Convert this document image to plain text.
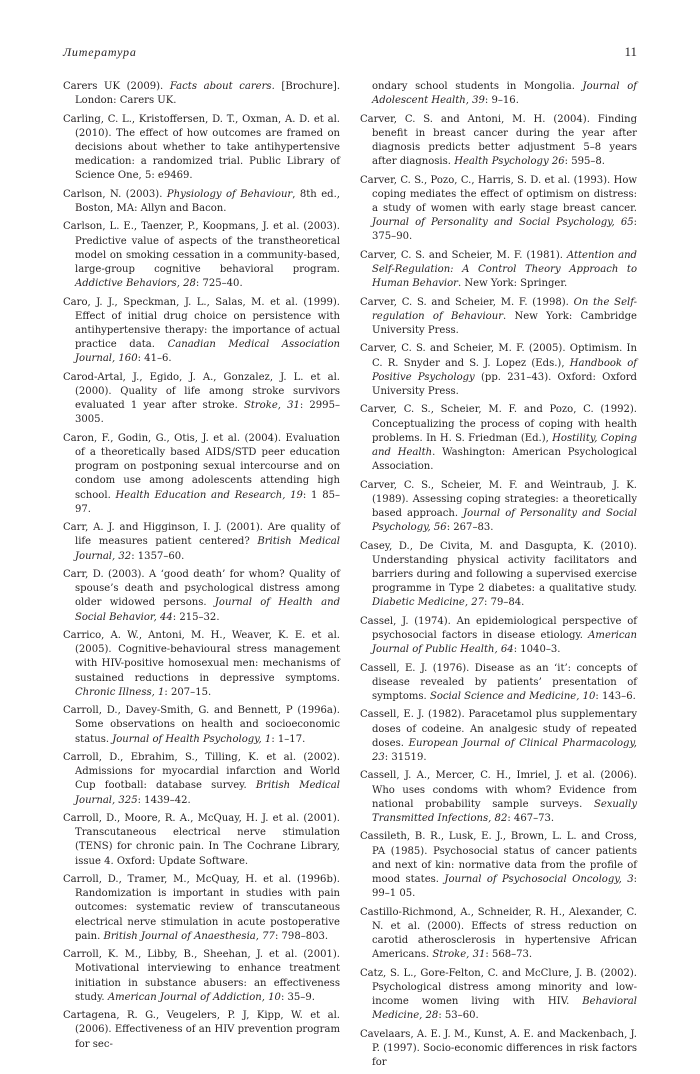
Литература	11

Carers UK (2009). Facts about carers. [Brochure]. London: Carers UK.

Carling, C. L., Kristoffersen, D. T., Oxman, A. D. et al. (2010). The effect of how outcomes are framed on decisions about whether to take antihypertensive medication: a randomized trial. Public Library of Science One, 5: e9469.

Carlson, N. (2003). Physiology of Behaviour, 8th ed., Boston, MA: Allyn and Bacon.

Carlson, L. E., Taenzer, P., Koopmans, J. et al. (2003). Predictive value of aspects of the transtheoretical model on smoking cessation in a community-based, large-group cognitive behavioral program. Addictive Behaviors, 28: 725–40.

Caro, J. J., Speckman, J. L., Salas, M. et al. (1999). Effect of initial drug choice on persistence with antihypertensive therapy: the importance of actual practice data. Canadian Medical Association Journal, 160: 41–6.

Carod-Artal, J., Egido, J. A., Gonzalez, J. L. et al. (2000). Quality of life among stroke survivors evaluated 1 year after stroke. Stroke, 31: 2995–3005.

Caron, F., Godin, G., Otis, J. et al. (2004). Evaluation of a theoretically based AIDS/STD peer education program on postponing sexual intercourse and on condom use among adolescents attending high school. Health Education and Research, 19: 1 85–97.

Carr, A. J. and Higginson, I. J. (2001). Are quality of life measures patient centered? British Medical Journal, 32: 1357–60.

Carr, D. (2003). A ‘good death’ for whom? Quality of spouse’s death and psychological distress among older widowed persons. Journal of Health and Social Behavior, 44: 215–32.

Carrico, A. W., Antoni, M. H., Weaver, K. E. et al. (2005). Cognitive-behavioural stress management with HIV-positive homosexual men: mechanisms of sustained reductions in depressive symptoms. Chronic Illness, 1: 207–15.

Carroll, D., Davey-Smith, G. and Bennett, P (1996a). Some observations on health and socioeconomic status. Journal of Health Psychology, 1: 1–17.

Carroll, D., Ebrahim, S., Tilling, K. et al. (2002). Admissions for myocardial infarction and World Cup football: database survey. British Medical Journal, 325: 1439–42.

Carroll, D., Moore, R. A., McQuay, H. J. et al. (2001). Transcutaneous electrical nerve stimulation (TENS) for chronic pain. In The Cochrane Library, issue 4. Oxford: Update Software.

Carroll, D., Tramer, M., McQuay, H. et al. (1996b). Randomization is important in studies with pain outcomes: systematic review of transcutaneous electrical nerve stimulation in acute postoperative pain. British Journal of Anaesthesia, 77: 798–803.

Carroll, K. M., Libby, B., Sheehan, J. et al. (2001). Motivational interviewing to enhance treatment initiation in substance abusers: an effectiveness study. American Journal of Addiction, 10: 35–9.

Cartagena, R. G., Veugelers, P. J, Kipp, W. et al. (2006). Effectiveness of an HIV prevention program for sec-

ondary school students in Mongolia. Journal of Adolescent Health, 39: 9–16.

Carver, C. S. and Antoni, M. H. (2004). Finding benefit in breast cancer during the year after diagnosis predicts better adjustment 5–8 years after diagnosis. Health Psychology 26: 595–8.

Carver, C. S., Pozo, C., Harris, S. D. et al. (1993). How coping mediates the effect of optimism on distress: a study of women with early stage breast cancer. Journal of Personality and Social Psychology, 65: 375–90.

Carver, C. S. and Scheier, M. F. (1981). Attention and Self-Regulation: A Control Theory Approach to Human Behavior. New York: Springer.

Carver, C. S. and Scheier, M. F. (1998). On the Self-regulation of Behaviour. New York: Cambridge University Press.

Carver, C. S. and Scheier, M. F. (2005). Optimism. In C. R. Snyder and S. J. Lopez (Eds.), Handbook of Positive Psychology (pp. 231–43). Oxford: Oxford University Press.

Carver, C. S., Scheier, M. F. and Pozo, C. (1992). Conceptualizing the process of coping with health problems. In H. S. Friedman (Ed.), Hostility, Coping and Health. Washington: American Psychological Association.

Carver, C. S., Scheier, M. F. and Weintraub, J. K. (1989). Assessing coping strategies: a theoretically based approach. Journal of Personality and Social Psychology, 56: 267–83.

Casey, D., De Civita, M. and Dasgupta, K. (2010). Understanding physical activity facilitators and barriers during and following a supervised exercise programme in Type 2 diabetes: a qualitative study. Diabetic Medicine, 27: 79–84.

Cassel, J. (1974). An epidemiological perspective of psychosocial factors in disease etiology. American Journal of Public Health, 64: 1040–3.

Cassell, E. J. (1976). Disease as an ‘it’: concepts of disease revealed by patients’ presentation of symptoms. Social Science and Medicine, 10: 143–6.

Cassell, E. J. (1982). Paracetamol plus supplementary doses of codeine. An analgesic study of repeated doses. European Journal of Clinical Pharmacology, 23: 31519.

Cassell, J. A., Mercer, C. H., Imriel, J. et al. (2006). Who uses condoms with whom? Evidence from national probability sample surveys. Sexually Transmitted Infections, 82: 467–73.

Cassileth, B. R., Lusk, E. J., Brown, L. L. and Cross, PA (1985). Psychosocial status of cancer patients and next of kin: normative data from the profile of mood states. Journal of Psychosocial Oncology, 3: 99–1 05.

Castillo-Richmond, A., Schneider, R. H., Alexander, C. N. et al. (2000). Effects of stress reduction on carotid atherosclerosis in hypertensive African Americans. Stroke, 31: 568–73.

Catz, S. L., Gore-Felton, C. and McClure, J. B. (2002). Psychological distress among minority and low- income women living with HIV. Behavioral Medicine, 28: 53–60.

Cavelaars, A. E. J. M., Kunst, A. E. and Mackenbach, J. P. (1997). Socio-economic differences in risk factors for
